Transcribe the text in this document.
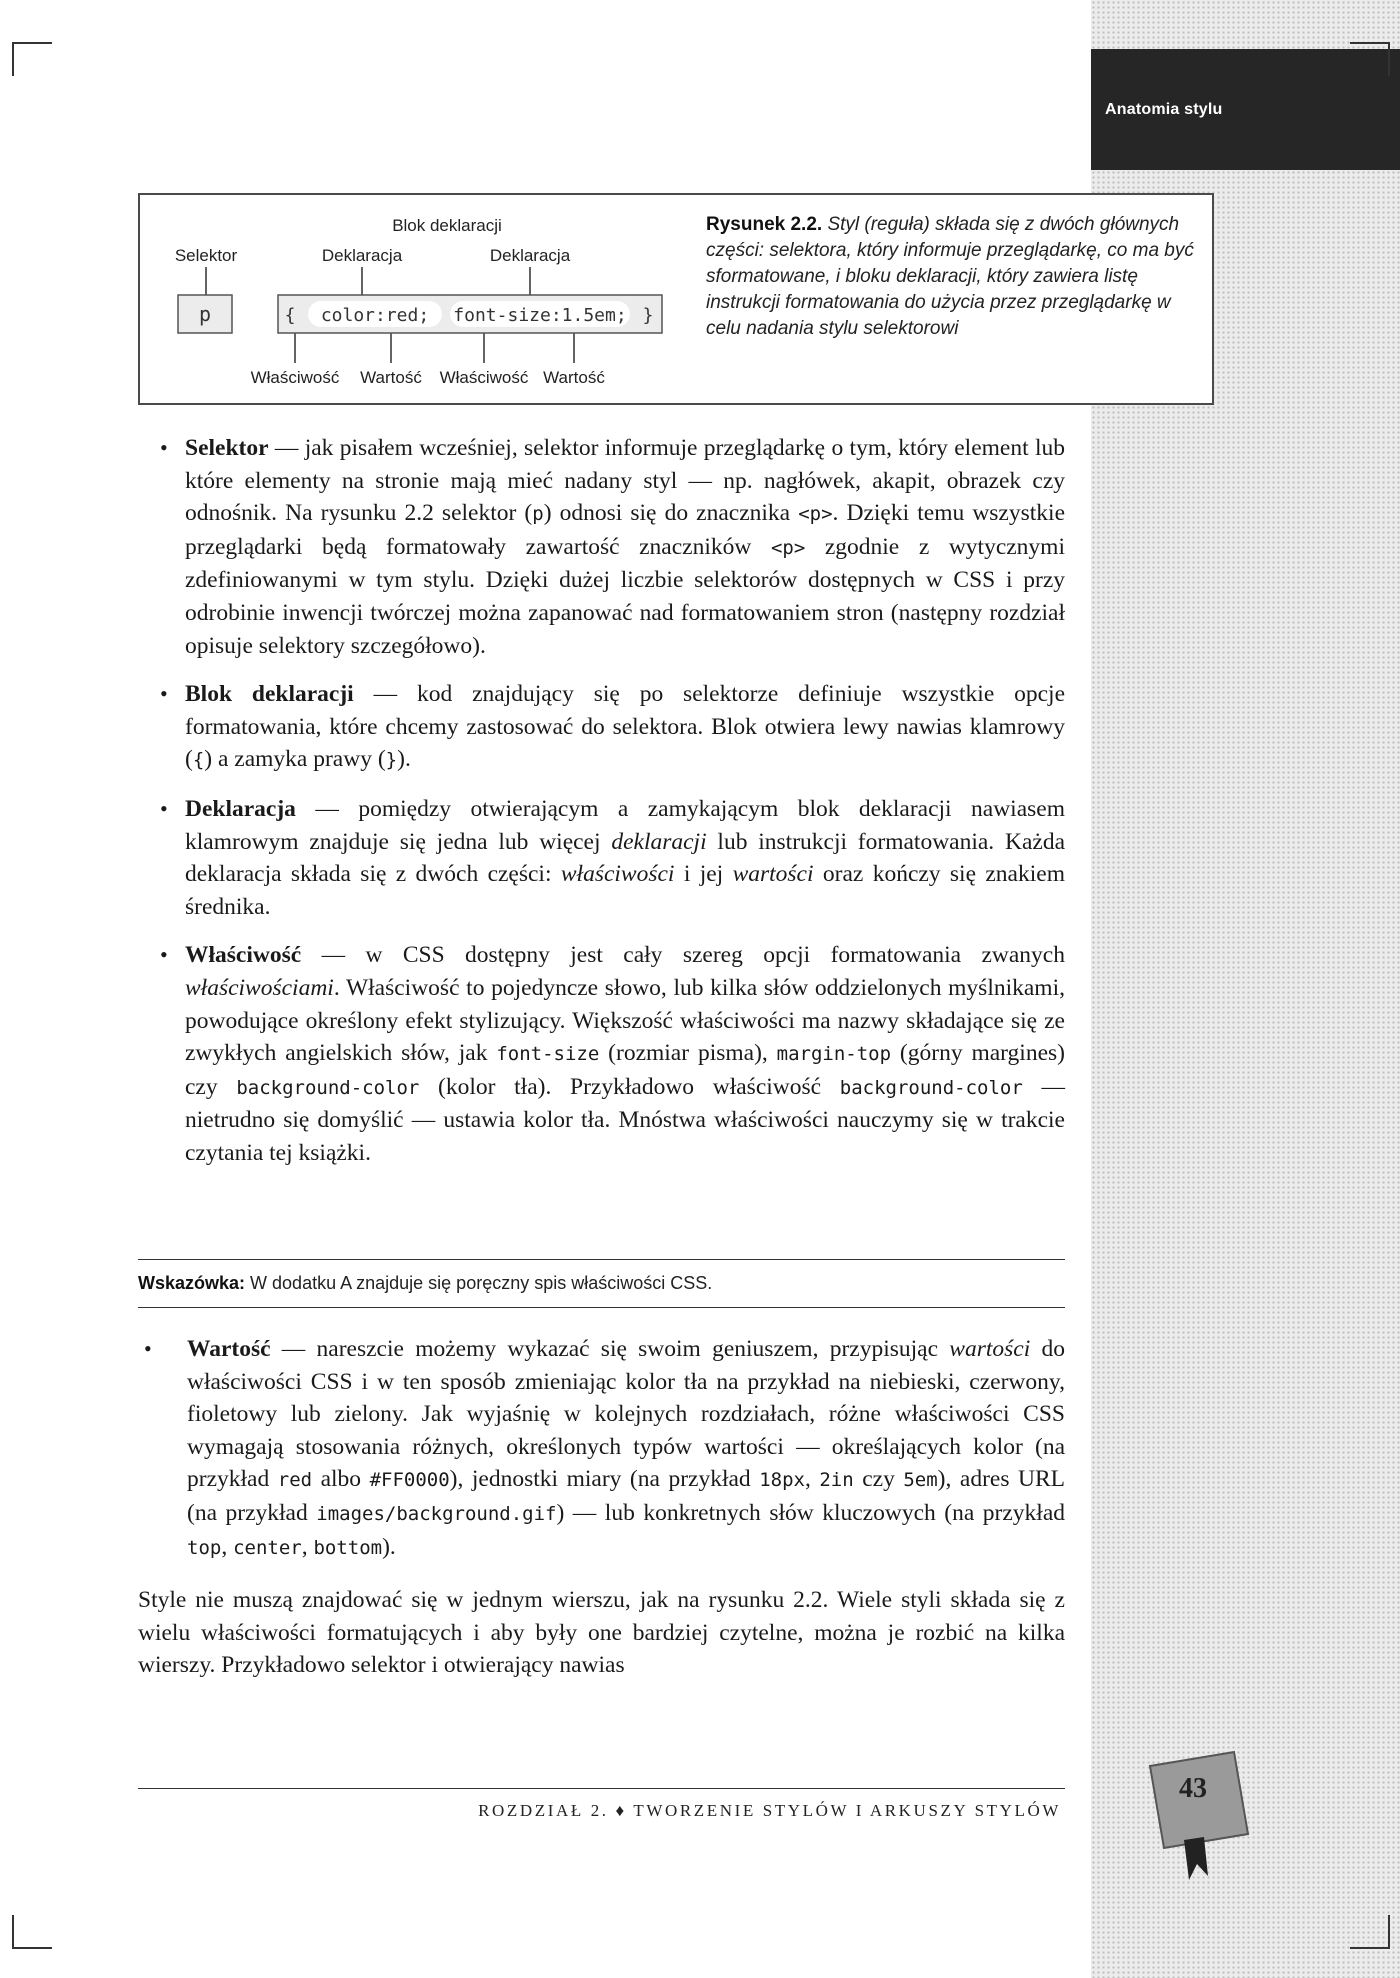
Anatomia stylu
Blok deklaracji
Selektor	Deklaracja	Deklaracja
Właściwość Wartość Właściwość Wartość
p	{ color:red; font-size:1.5em; }
Rysunek 2.2. Styl (reguła) składa się z dwóch głównych części: selektora, który informuje przeglądarkę, co ma być sformatowane, i bloku deklaracji, który zawiera listę instrukcji formatowania do użycia przez przeglądarkę w celu nadania stylu selektorowi
• Selektor — jak pisałem wcześniej, selektor informuje przeglądarkę o tym, który element lub które elementy na stronie mają mieć nadany styl — np. nagłówek, akapit, obrazek czy odnośnik. Na rysunku 2.2 selektor (p) odnosi się do znacznika <p>. Dzięki temu wszystkie przeglądarki będą formatowały zawartość znaczników <p> zgodnie z wytycznymi zdefiniowanymi w tym stylu. Dzięki dużej liczbie selektorów dostępnych w CSS i przy odrobinie inwencji twórczej można zapanować nad formatowaniem stron (następny rozdział opisuje selektory szczegółowo).
• Blok deklaracji — kod znajdujący się po selektorze definiuje wszystkie opcje formatowania, które chcemy zastosować do selektora. Blok otwiera lewy nawias klamrowy ({) a zamyka prawy (}).
• Deklaracja — pomiędzy otwierającym a zamykającym blok deklaracji nawiasem klamrowym znajduje się jedna lub więcej deklaracji lub instrukcji formatowania. Każda deklaracja składa się z dwóch części: właściwości i jej wartości oraz kończy się znakiem średnika.
• Właściwość — w CSS dostępny jest cały szereg opcji formatowania zwanych właściwościami. Właściwość to pojedyncze słowo, lub kilka słów oddzielonych myślnikami, powodujące określony efekt stylizujący. Większość właściwości ma nazwy składające się ze zwykłych angielskich słów, jak font-size (rozmiar pisma), margin-top (górny margines) czy background-color (kolor tła). Przykładowo właściwość background-color — nietrudno się domyślić — ustawia kolor tła. Mnóstwa właściwości nauczymy się w trakcie czytania tej książki.
Wskazówka: W dodatku A znajduje się poręczny spis właściwości CSS.
• Wartość — nareszcie możemy wykazać się swoim geniuszem, przypisując wartości do właściwości CSS i w ten sposób zmieniając kolor tła na przykład na niebieski, czerwony, fioletowy lub zielony. Jak wyjaśnię w kolejnych rozdziałach, różne właściwości CSS wymagają stosowania różnych, określonych typów wartości — określających kolor (na przykład red albo #FF0000), jednostki miary (na przykład 18px, 2in czy 5em), adres URL (na przykład images/background.gif) — lub konkretnych słów kluczowych (na przykład top, center, bottom).

Style nie muszą znajdować się w jednym wierszu, jak na rysunku 2.2. Wiele styli składa się z wielu właściwości formatujących i aby były one bardziej czytelne, można je rozbić na kilka wierszy. Przykładowo selektor i otwierający nawias

ROZDZIAŁ 2. ♦ TWORZENIE STYLÓW I ARKUSZY STYLÓW
43
